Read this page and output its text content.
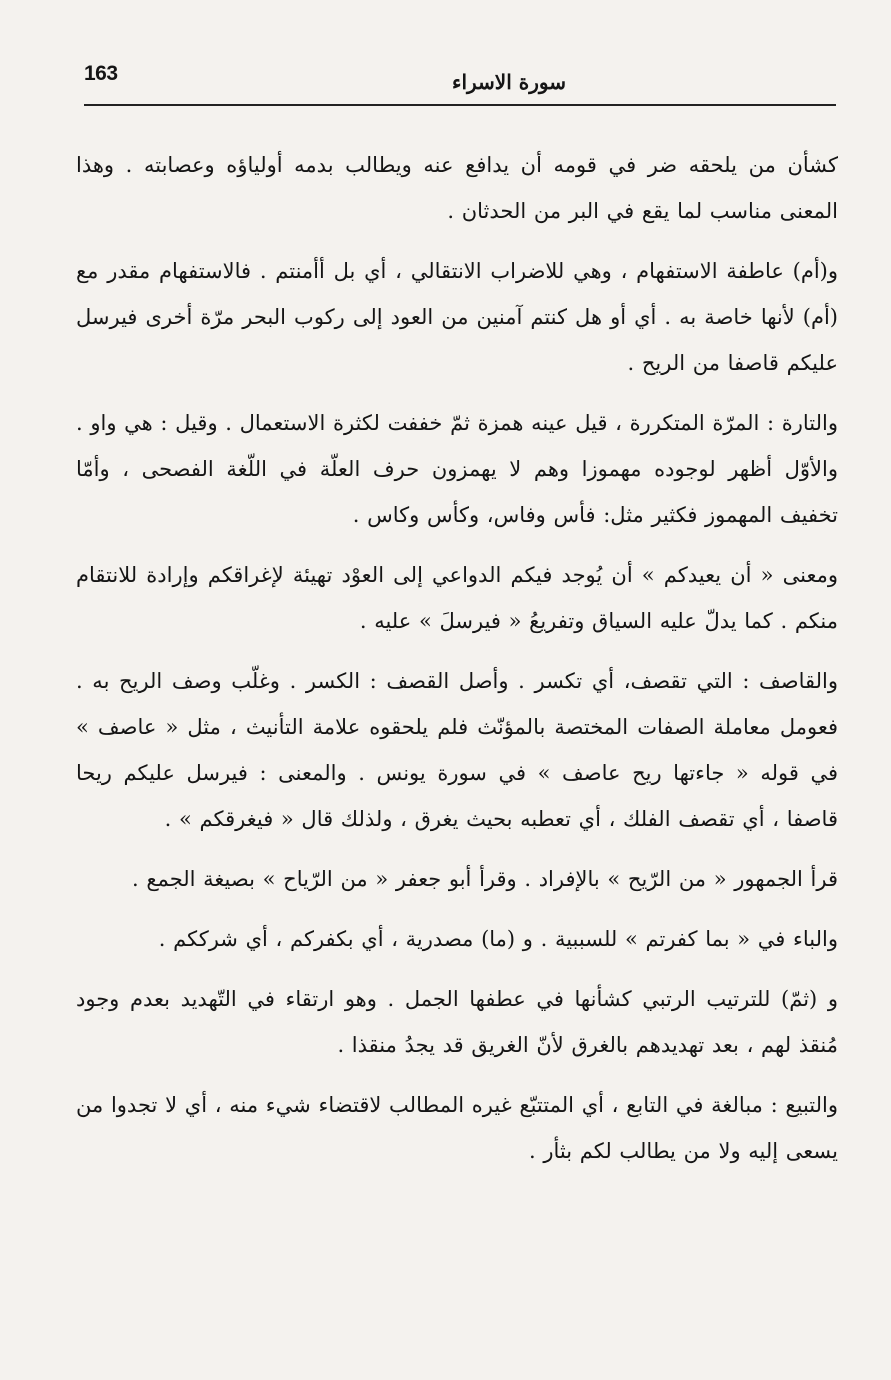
163	سورة الاسراء

كشأن من يلحقه ضر في قومه أن يدافع عنه ويطالب بدمه أولياؤه وعصابته . وهذا المعنى مناسب لما يقع في البر من الحدثان .

و(أم) عاطفة الاستفهام ، وهي للاضراب الانتقالي ، أي بل أأمنتم . فالاستفهام مقدر مع (أم) لأنها خاصة به . أي أو هل كنتم آمنين من العود إلى ركوب البحر مرّة أخرى فيرسل عليكم قاصفا من الريح .

والتارة : المرّة المتكررة ، قيل عينه همزة ثمّ خففت لكثرة الاستعمال . وقيل : هي واو . والأوّل أظهر لوجوده مهموزا وهم لا يهمزون حرف العلّة في اللّغة الفصحى ، وأمّا تخفيف المهموز فكثير مثل: فأس وفاس، وكأس وكاس .

ومعنى « أن يعيدكم » أن يُوجد فيكم الدواعي إلى العوْد تهيئة لإغراقكم وإرادة للانتقام منكم . كما يدلّ عليه السياق وتفريعُ « فيرسلَ » عليه .

والقاصف : التي تقصف، أي تكسر . وأصل القصف : الكسر . وغلّب وصف الريح به . فعومل معاملة الصفات المختصة بالمؤنّث فلم يلحقوه علامة التأنيث ، مثل « عاصف » في قوله « جاءتها ريح عاصف » في سورة يونس . والمعنى : فيرسل عليكم ريحا قاصفا ، أي تقصف الفلك ، أي تعطبه بحيث يغرق ، ولذلك قال « فيغرقكم » .

قرأ الجمهور « من الرّيح » بالإفراد . وقرأ أبو جعفر « من الرّياح » بصيغة الجمع .

والباء في « بما كفرتم » للسببية . و (ما) مصدرية ، أي بكفركم ، أي شرككم .

و (ثمّ) للترتيب الرتبي كشأنها في عطفها الجمل . وهو ارتقاء في التّهديد بعدم وجود مُنقذ لهم ، بعد تهديدهم بالغرق لأنّ الغريق قد يجدُ منقذا .

والتبيع : مبالغة في التابع ، أي المتتبّع غيره المطالب لاقتضاء شيء منه ، أي لا تجدوا من يسعى إليه ولا من يطالب لكم بثأر .
